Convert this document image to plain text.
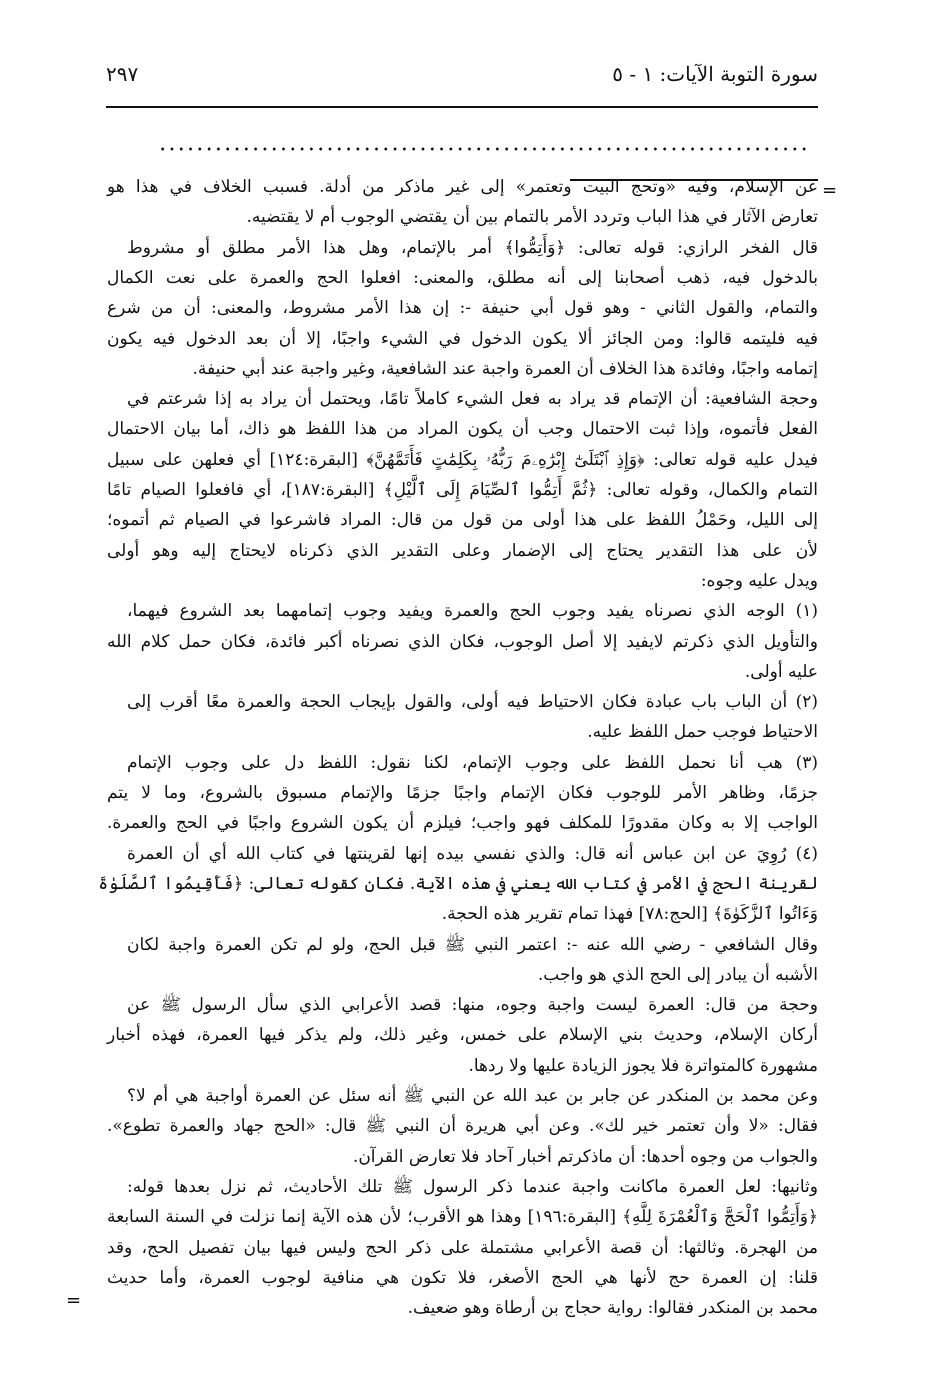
سورة التوبة الآيات: ١ - ٥
٢٩٧
=
=
عن الإسلام، وفيه «وتحج البيت وتعتمر» إلى غير ماذكر من أدلة. فسبب الخلاف في هذا هو
تعارض الآثار في هذا الباب وتردد الأمر بالتمام بين أن يقتضي الوجوب أم لا يقتضيه.
قال الفخر الرازي: قوله تعالى: ﴿وَأَتِمُّوا﴾ أمر بالإتمام، وهل هذا الأمر مطلق أو مشروط
بالدخول فيه، ذهب أصحابنا إلى أنه مطلق، والمعنى: افعلوا الحج والعمرة على نعت الكمال
والتمام، والقول الثاني - وهو قول أبي حنيفة -: إن هذا الأمر مشروط، والمعنى: أن من شرع
فيه فليتمه قالوا: ومن الجائز ألا يكون الدخول في الشيء واجبًا، إلا أن بعد الدخول فيه يكون
إتمامه واجبًا، وفائدة هذا الخلاف أن العمرة واجبة عند الشافعية، وغير واجبة عند أبي حنيفة.
وحجة الشافعية: أن الإتمام قد يراد به فعل الشيء كاملاً تامًا، ويحتمل أن يراد به إذا شرعتم في
الفعل فأتموه، وإذا ثبت الاحتمال وجب أن يكون المراد من هذا اللفظ هو ذاك، أما بيان الاحتمال
فيدل عليه قوله تعالى: ﴿وَإِذِ ٱبْتَلَىٰٓ إِبْرَٰهِۦمَ رَبُّهُۥ بِكَلِمَٰتٍ فَأَتَمَّهُنَّ﴾ [البقرة:١٢٤] أي فعلهن على سبيل
التمام والكمال، وقوله تعالى: ﴿ثُمَّ أَتِمُّوا ٱلصِّيَامَ إِلَى ٱلَّيْلِ﴾ [البقرة:١٨٧]، أي فافعلوا الصيام تامًا
إلى الليل، وحَمْلُ اللفظ على هذا أولى من قول من قال: المراد فاشرعوا في الصيام ثم أتموه؛
لأن على هذا التقدير يحتاج إلى الإضمار وعلى التقدير الذي ذكرناه لايحتاج إليه وهو أولى
ويدل عليه وجوه:
(١) الوجه الذي نصرناه يفيد وجوب الحج والعمرة ويفيد وجوب إتمامهما بعد الشروع فيهما،
والتأويل الذي ذكرتم لايفيد إلا أصل الوجوب، فكان الذي نصرناه أكبر فائدة، فكان حمل كلام الله
عليه أولى.
(٢) أن الباب باب عبادة فكان الاحتياط فيه أولى، والقول بإيجاب الحجة والعمرة معًا أقرب إلى
الاحتياط فوجب حمل اللفظ عليه.
(٣) هب أنا نحمل اللفظ على وجوب الإتمام، لكنا نقول: اللفظ دل على وجوب الإتمام
جزمًا، وظاهر الأمر للوجوب فكان الإتمام واجبًا جزمًا والإتمام مسبوق بالشروع، وما لا يتم
الواجب إلا به وكان مقدورًا للمكلف فهو واجب؛ فيلزم أن يكون الشروع واجبًا في الحج والعمرة.
(٤) رُوِيَ عن ابن عباس أنه قال: والذي نفسي بيده إنها لقرينتها في كتاب الله أي أن العمرة
لقرينة الحج في الأمر في كتاب الله يعني في هذه الآية. فكان كقوله تعالى: ﴿فَأَقِيمُوا ٱلصَّلَوٰةَ
وَءَاتُوا ٱلزَّكَوٰةَ﴾ [الحج:٧٨] فهذا تمام تقرير هذه الحجة.
وقال الشافعي - رضي الله عنه -: اعتمر النبي ﷺ قبل الحج، ولو لم تكن العمرة واجبة لكان
الأشبه أن يبادر إلى الحج الذي هو واجب.
وحجة من قال: العمرة ليست واجبة وجوه، منها: قصد الأعرابي الذي سأل الرسول ﷺ عن
أركان الإسلام، وحديث بني الإسلام على خمس، وغير ذلك، ولم يذكر فيها العمرة، فهذه أخبار
مشهورة كالمتواترة فلا يجوز الزيادة عليها ولا ردها.
وعن محمد بن المنكدر عن جابر بن عبد الله عن النبي ﷺ أنه سئل عن العمرة أواجبة هي أم لا؟
فقال: «لا وأن تعتمر خير لك». وعن أبي هريرة أن النبي ﷺ قال: «الحج جهاد والعمرة تطوع».
والجواب من وجوه أحدها: أن ماذكرتم أخبار آحاد فلا تعارض القرآن.
وثانيها: لعل العمرة ماكانت واجبة عندما ذكر الرسول ﷺ تلك الأحاديث، ثم نزل بعدها قوله:
﴿وَأَتِمُّوا ٱلْحَجَّ وَٱلْعُمْرَةَ لِلَّهِ﴾ [البقرة:١٩٦] وهذا هو الأقرب؛ لأن هذه الآية إنما نزلت في السنة السابعة
من الهجرة. وثالثها: أن قصة الأعرابي مشتملة على ذكر الحج وليس فيها بيان تفصيل الحج، وقد
قلنا: إن العمرة حج لأنها هي الحج الأصغر، فلا تكون هي منافية لوجوب العمرة، وأما حديث
محمد بن المنكدر فقالوا: رواية حجاج بن أرطاة وهو ضعيف.
